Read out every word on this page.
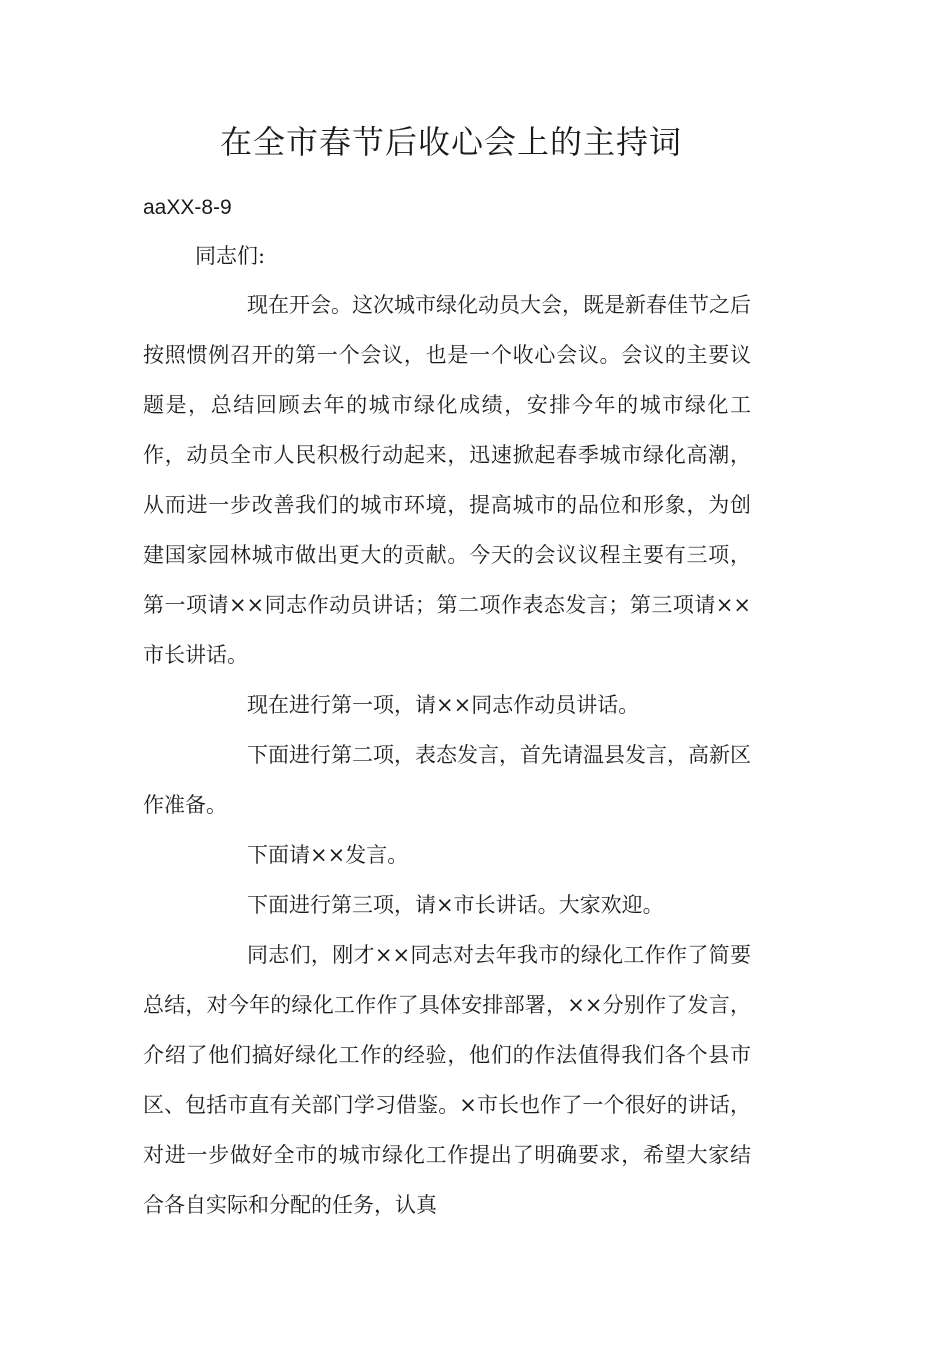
在全市春节后收心会上的主持词

aaXX-8-9

同志们:

现在开会。这次城市绿化动员大会，既是新春佳节之后按照惯例召开的第一个会议，也是一个收心会议。会议的主要议题是，总结回顾去年的城市绿化成绩，安排今年的城市绿化工作，动员全市人民积极行动起来，迅速掀起春季城市绿化高潮，从而进一步改善我们的城市环境，提高城市的品位和形象，为创建国家园林城市做出更大的贡献。今天的会议议程主要有三项，第一项请××同志作动员讲话；第二项作表态发言；第三项请××市长讲话。

现在进行第一项，请××同志作动员讲话。

下面进行第二项，表态发言，首先请温县发言，高新区作准备。

下面请××发言。

下面进行第三项，请×市长讲话。大家欢迎。

同志们，刚才××同志对去年我市的绿化工作作了简要总结，对今年的绿化工作作了具体安排部署，××分别作了发言，介绍了他们搞好绿化工作的经验，他们的作法值得我们各个县市区、包括市直有关部门学习借鉴。×市长也作了一个很好的讲话，对进一步做好全市的城市绿化工作提出了明确要求，希望大家结合各自实际和分配的任务，认真
